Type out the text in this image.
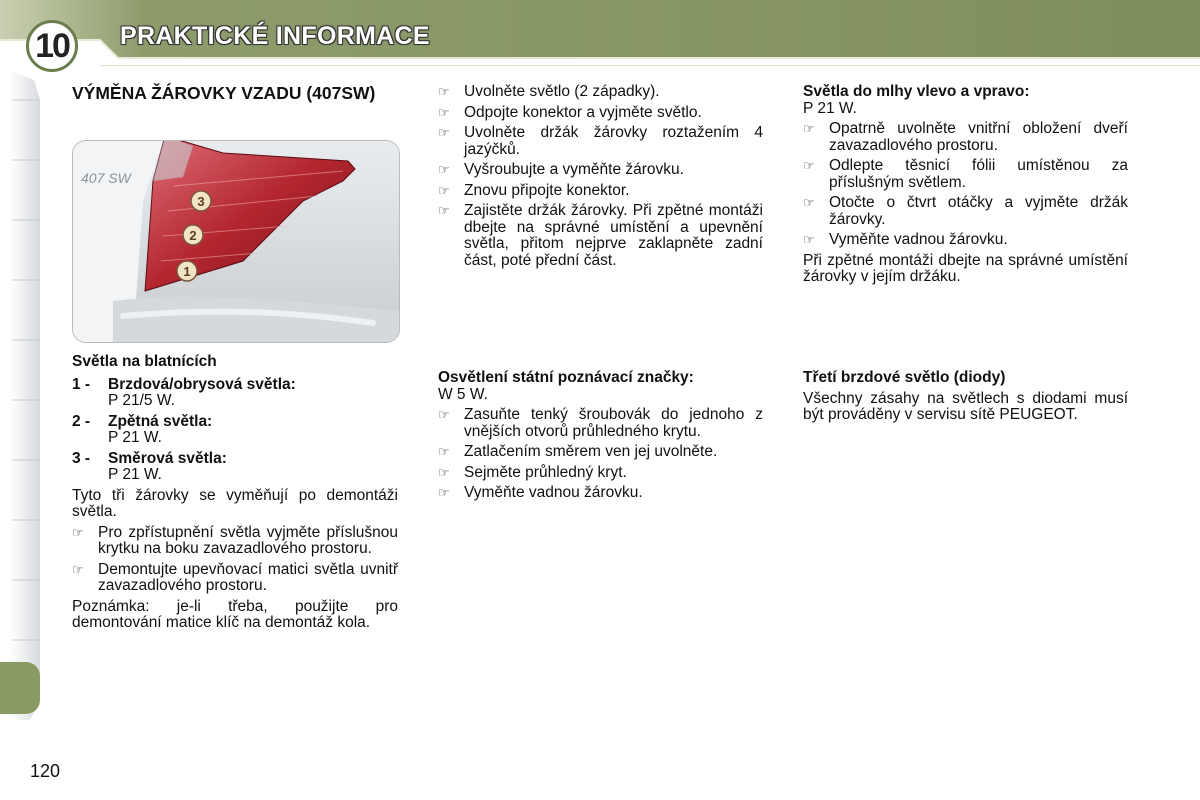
10	PRAKTICKÉ INFORMACE

VÝMĚNA ŽÁROVKY VZADU (407SW)

407 SW
3
2
1

Světla na blatnících

1 - Brzdová/obrysová světla:

P 21/5 W.

2 - Zpětná světla:

P 21 W.

3 - Směrová světla:

P 21 W.

Tyto tři žárovky se vyměňují po demontáži světla.

☞ Pro zpřístupnění světla vyjměte příslušnou krytku na boku zavazadlového prostoru.
☞ Demontujte upevňovací matici světla uvnitř zavazadlového prostoru.

Poznámka: je-li třeba, použijte pro demontování matice klíč na demontáž kola.

☞ Uvolněte světlo (2 západky).
☞ Odpojte konektor a vyjměte světlo.
☞ Uvolněte držák žárovky roztažením 4 jazýčků.
☞ Vyšroubujte a vyměňte žárovku.
☞ Znovu připojte konektor.
☞ Zajistěte držák žárovky. Při zpětné montáži dbejte na správné umístění a upevnění světla, přitom nejprve zaklapněte zadní část, poté přední část.

Osvětlení státní poznávací značky:

W 5 W.

☞ Zasuňte tenký šroubovák do jednoho z vnějších otvorů průhledného krytu.
☞ Zatlačením směrem ven jej uvolněte.
☞ Sejměte průhledný kryt.
☞ Vyměňte vadnou žárovku.

Světla do mlhy vlevo a vpravo:

P 21 W.

☞ Opatrně uvolněte vnitřní obložení dveří zavazadlového prostoru.
☞ Odlepte těsnicí fólii umístěnou za příslušným světlem.
☞ Otočte o čtvrt otáčky a vyjměte držák žárovky.
☞ Vyměňte vadnou žárovku.

Při zpětné montáži dbejte na správné umístění žárovky v jejím držáku.

Třetí brzdové světlo (diody)

Všechny zásahy na světlech s diodami musí být prováděny v servisu sítě PEUGEOT.

120
